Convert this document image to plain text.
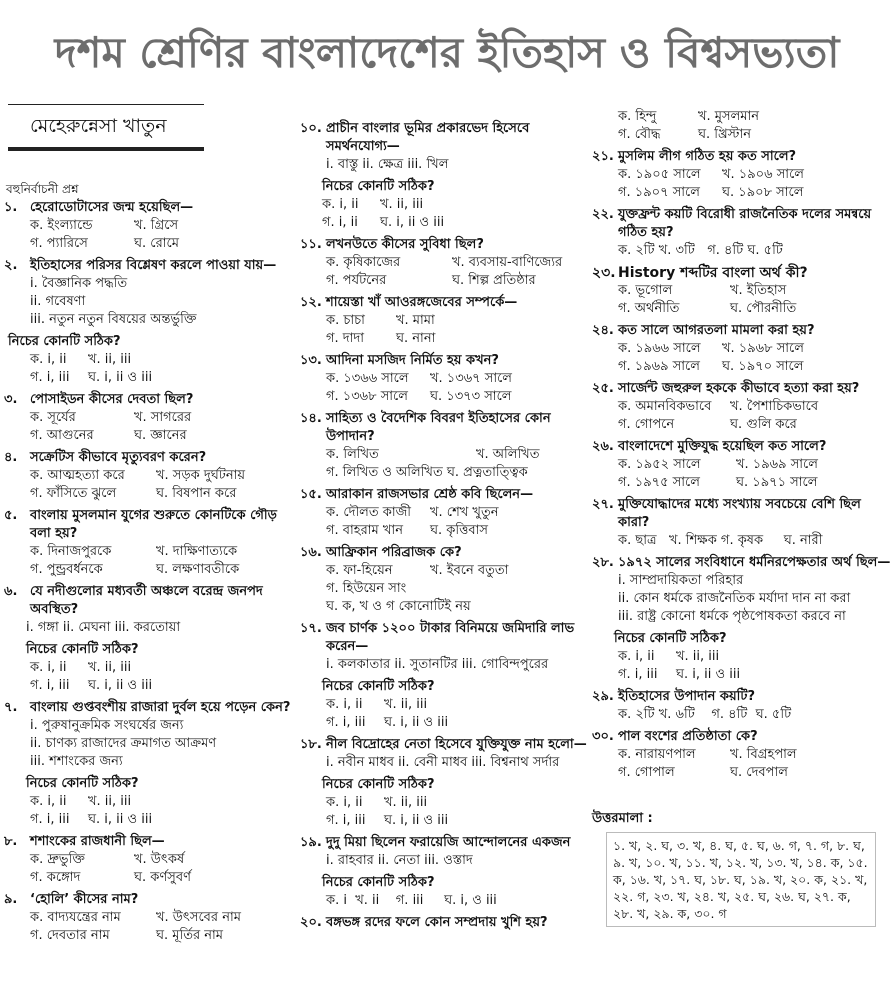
দশম শ্রেণির বাংলাদেশের ইতিহাস ও বিশ্বসভ্যতা
মেহেরুন্নেসা খাতুন
বহুনির্বাচনী প্রশ্ন
১. হেরোডোটাসের জন্ম হয়েছিল—
ক. ইংল্যান্ডে	খ. গ্রিসে
গ. প্যারিসে	ঘ. রোমে
২. ইতিহাসের পরিসর বিশ্লেষণ করলে পাওয়া যায়—
i. বৈজ্ঞানিক পদ্ধতি
ii. গবেষণা
iii. নতুন নতুন বিষয়ের অন্তর্ভুক্তি
নিচের কোনটি সঠিক?
ক. i, ii	খ. ii, iii
গ. i, iii	ঘ. i, ii ও iii
৩. পোসাইডন কীসের দেবতা ছিল?
ক. সূর্যের	খ. সাগরের
গ. আগুনের	ঘ. জ্ঞানের
৪. সক্রেটিস কীভাবে মৃত্যুবরণ করেন?
ক. আত্মহত্যা করে	খ. সড়ক দুর্ঘটনায়
গ. ফাঁসিতে ঝুলে	ঘ. বিষপান করে
৫. বাংলায় মুসলমান যুগের শুরুতে কোনটিকে গৌড় বলা হয়?
ক. দিনাজপুরকে	খ. দাক্ষিণাত্যকে
গ. পুন্ড্রবর্ধনকে	ঘ. লক্ষণাবতীকে
৬. যে নদীগুলোর মধ্যবর্তী অঞ্চলে বরেন্দ্র জনপদ অবস্থিত?
i. গঙ্গা ii. মেঘনা iii. করতোয়া
নিচের কোনটি সঠিক?
ক. i, ii	খ. ii, iii
গ. i, iii	ঘ. i, ii ও iii
৭. বাংলায় গুপ্তবংশীয় রাজারা দুর্বল হয়ে পড়েন কেন?
i. পুরুষানুক্রমিক সংঘর্ষের জন্য
ii. চাণক্য রাজাদের ক্রমাগত আক্রমণ
iii. শশাংকের জন্য
নিচের কোনটি সঠিক?
ক. i, ii	খ. ii, iii
গ. i, iii	ঘ. i, ii ও iii
৮. শশাংকের রাজধানী ছিল—
ক. দ্রুভুক্তি	খ. উৎকর্ষ
গ. কঙ্গোদ	ঘ. কর্ণসুবর্ণ
৯. ‘হোলি’ কীসের নাম?
ক. বাদ্যযন্ত্রের নাম	খ. উৎসবের নাম
গ. দেবতার নাম	ঘ. মূর্তির নাম
১০. প্রাচীন বাংলার ভূমির প্রকারভেদ হিসেবে সমর্থনযোগ্য—
i. বাস্তু ii. ক্ষেত্র iii. খিল
নিচের কোনটি সঠিক?
ক. i, ii	খ. ii, iii
গ. i, ii	ঘ. i, ii ও iii
১১. লখনউতে কীসের সুবিধা ছিল?
ক. কৃষিকাজের	খ. ব্যবসায়-বাণিজ্যের
গ. পর্যটনের	ঘ. শিল্প প্রতিষ্ঠার
১২. শায়েস্তা খাঁ আওরঙ্গজেবের সম্পর্কে—
ক. চাচা	খ. মামা
গ. দাদা	ঘ. নানা
১৩. আদিনা মসজিদ নির্মিত হয় কখন?
ক. ১৩৬৬ সালে	খ. ১৩৬৭ সালে
গ. ১৩৬৮ সালে	ঘ. ১৩৭৩ সালে
১৪. সাহিত্য ও বৈদেশিক বিবরণ ইতিহাসের কোন উপাদান?
ক. লিখিত	খ. অলিখিত
গ. লিখিত ও অলিখিত ঘ. প্রত্নতাত্ত্বিক
১৫. আরাকান রাজসভার শ্রেষ্ঠ কবি ছিলেন—
ক. দৌলত কাজী	খ. শেখ খুতুন
গ. বাহরাম খান	ঘ. কৃত্তিবাস
১৬. আফ্রিকান পরিব্রাজক কে?
ক. ফা-হিয়েন	খ. ইবনে বতুতা
গ. হিউয়েন সাং
ঘ. ক, খ ও গ কোনোটিই নয়
১৭. জব চার্ণক ১২০০ টাকার বিনিময়ে জমিদারি লাভ করেন—
i. কলকাতার ii. সুতানটির iii. গোবিন্দপুরের
নিচের কোনটি সঠিক?
ক. i, ii	খ. ii, iii
গ. i, iii	ঘ. i, ii ও iii
১৮. নীল বিদ্রোহের নেতা হিসেবে যুক্তিযুক্ত নাম হলো—
i. নবীন মাধব ii. বেনী মাধব iii. বিশ্বনাথ সর্দার
নিচের কোনটি সঠিক?
ক. i, ii	খ. ii, iii
গ. i, iii	ঘ. i, ii ও iii
১৯. দুদু মিয়া ছিলেন ফরায়েজি আন্দোলনের একজন
i. রাহবার ii. নেতা iii. ওস্তাদ
নিচের কোনটি সঠিক?
ক. i  খ. ii    গ. iii     ঘ. i, ও iii
২০. বঙ্গভঙ্গ রদের ফলে কোন সম্প্রদায় খুশি হয়?
ক. হিন্দু	খ. মুসলমান
গ. বৌদ্ধ	ঘ. খ্রিস্টান
২১. মুসলিম লীগ গঠিত হয় কত সালে?
ক. ১৯০৫ সালে	খ. ১৯০৬ সালে
গ. ১৯০৭ সালে	ঘ. ১৯০৮ সালে
২২. যুক্তফ্রন্ট কয়টি বিরোধী রাজনৈতিক দলের সমন্বয়ে গঠিত হয়?
ক. ২টি খ. ৩টি   গ. ৪টি ঘ. ৫টি
২৩. History শব্দটির বাংলা অর্থ কী?
ক. ভূগোল	খ. ইতিহাস
গ. অর্থনীতি	ঘ. পৌরনীতি
২৪. কত সালে আগরতলা মামলা করা হয়?
ক. ১৯৬৬ সালে	খ. ১৯৬৮ সালে
গ. ১৯৬৯ সালে	ঘ. ১৯৭০ সালে
২৫. সার্জেন্ট জহুরুল হককে কীভাবে হত্যা করা হয়?
ক. অমানবিকভাবে	খ. পৈশাচিকভাবে
গ. গোপনে	ঘ. গুলি করে
২৬. বাংলাদেশে মুক্তিযুদ্ধ হয়েছিল কত সালে?
ক. ১৯৫২ সালে	খ. ১৯৬৯ সালে
গ. ১৯৭৫ সালে	ঘ. ১৯৭১ সালে
২৭. মুক্তিযোদ্ধাদের মধ্যে সংখ্যায় সবচেয়ে বেশি ছিল কারা?
ক. ছাত্র   খ. শিক্ষক গ. কৃষক     ঘ. নারী
২৮. ১৯৭২ সালের সংবিধানে ধর্মনিরপেক্ষতার অর্থ ছিল—
i. সাম্প্রদায়িকতা পরিহার
ii. কোন ধর্মকে রাজনৈতিক মর্যাদা দান না করা
iii. রাষ্ট্র কোনো ধর্মকে পৃষ্ঠপোষকতা করবে না
নিচের কোনটি সঠিক?
ক. i, ii	খ. ii, iii
গ. i, iii	ঘ. i, ii ও iii
২৯. ইতিহাসের উপাদান কয়টি?
ক. ২টি খ. ৬টি    গ. ৪টি  ঘ. ৫টি
৩০. পাল বংশের প্রতিষ্ঠাতা কে?
ক. নারায়ণপাল	খ. বিগ্রহপাল
গ. গোপাল	ঘ. দেবপাল
উত্তরমালা :
১. খ, ২. ঘ, ৩. খ, ৪. ঘ, ৫. ঘ, ৬. গ, ৭. গ, ৮. ঘ, ৯. খ, ১০. খ, ১১. খ, ১২. খ, ১৩. খ, ১৪. ক, ১৫. ক, ১৬. খ, ১৭. ঘ, ১৮. ঘ, ১৯. খ, ২০. ক, ২১. খ, ২২. গ, ২৩. খ, ২৪. খ, ২৫. ঘ, ২৬. ঘ, ২৭. ক, ২৮. খ, ২৯. ক, ৩০. গ
